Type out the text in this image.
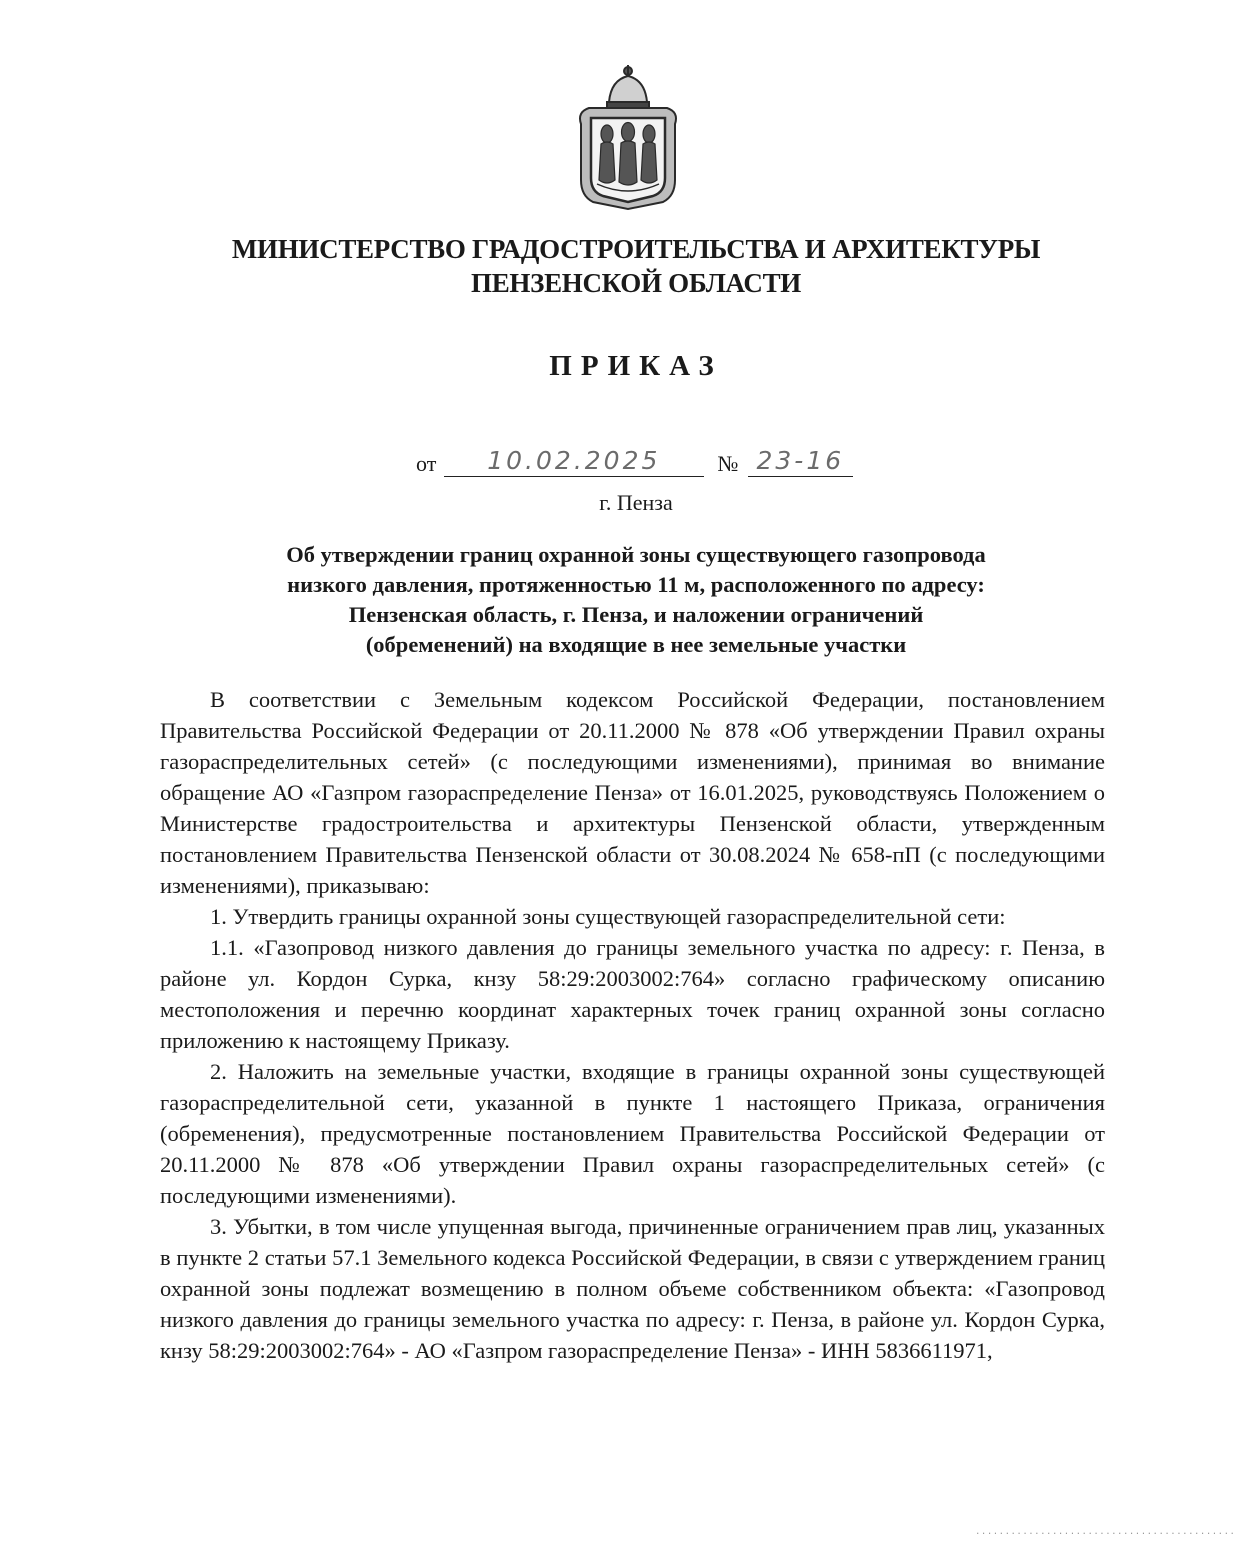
МИНИСТЕРСТВО ГРАДОСТРОИТЕЛЬСТВА И АРХИТЕКТУРЫ
ПЕНЗЕНСКОЙ ОБЛАСТИ
ПРИКАЗ
от 10.02.2025	№ 23-16
г. Пенза
Об утверждении границ охранной зоны существующего газопровода
низкого давления, протяженностью 11 м, расположенного по адресу:
Пензенская область, г. Пенза, и наложении ограничений
(обременений) на входящие в нее земельные участки

В соответствии с Земельным кодексом Российской Федерации, постановлением Правительства Российской Федерации от 20.11.2000 № 878 «Об утверждении Правил охраны газораспределительных сетей» (с последующими изменениями), принимая во внимание обращение АО «Газпром газораспределение Пенза» от 16.01.2025, руководствуясь Положением о Министерстве градостроительства и архитектуры Пензенской области, утвержденным постановлением Правительства Пензенской области от 30.08.2024 № 658-пП (с последующими изменениями), приказываю:

1. Утвердить границы охранной зоны существующей газораспределительной сети:

1.1. «Газопровод низкого давления до границы земельного участка по адресу: г. Пенза, в районе ул. Кордон Сурка, кнзу 58:29:2003002:764» согласно графическому описанию местоположения и перечню координат характерных точек границ охранной зоны согласно приложению к настоящему Приказу.

2. Наложить на земельные участки, входящие в границы охранной зоны существующей газораспределительной сети, указанной в пункте 1 настоящего Приказа, ограничения (обременения), предусмотренные постановлением Правительства Российской Федерации от 20.11.2000 № 878 «Об утверждении Правил охраны газораспределительных сетей» (с последующими изменениями).

3. Убытки, в том числе упущенная выгода, причиненные ограничением прав лиц, указанных в пункте 2 статьи 57.1 Земельного кодекса Российской Федерации, в связи с утверждением границ охранной зоны подлежат возмещению в полном объеме собственником объекта: «Газопровод низкого давления до границы земельного участка по адресу: г. Пенза, в районе ул. Кордон Сурка, кнзу 58:29:2003002:764» - АО «Газпром газораспределение Пенза» - ИНН 5836611971,

............................................
